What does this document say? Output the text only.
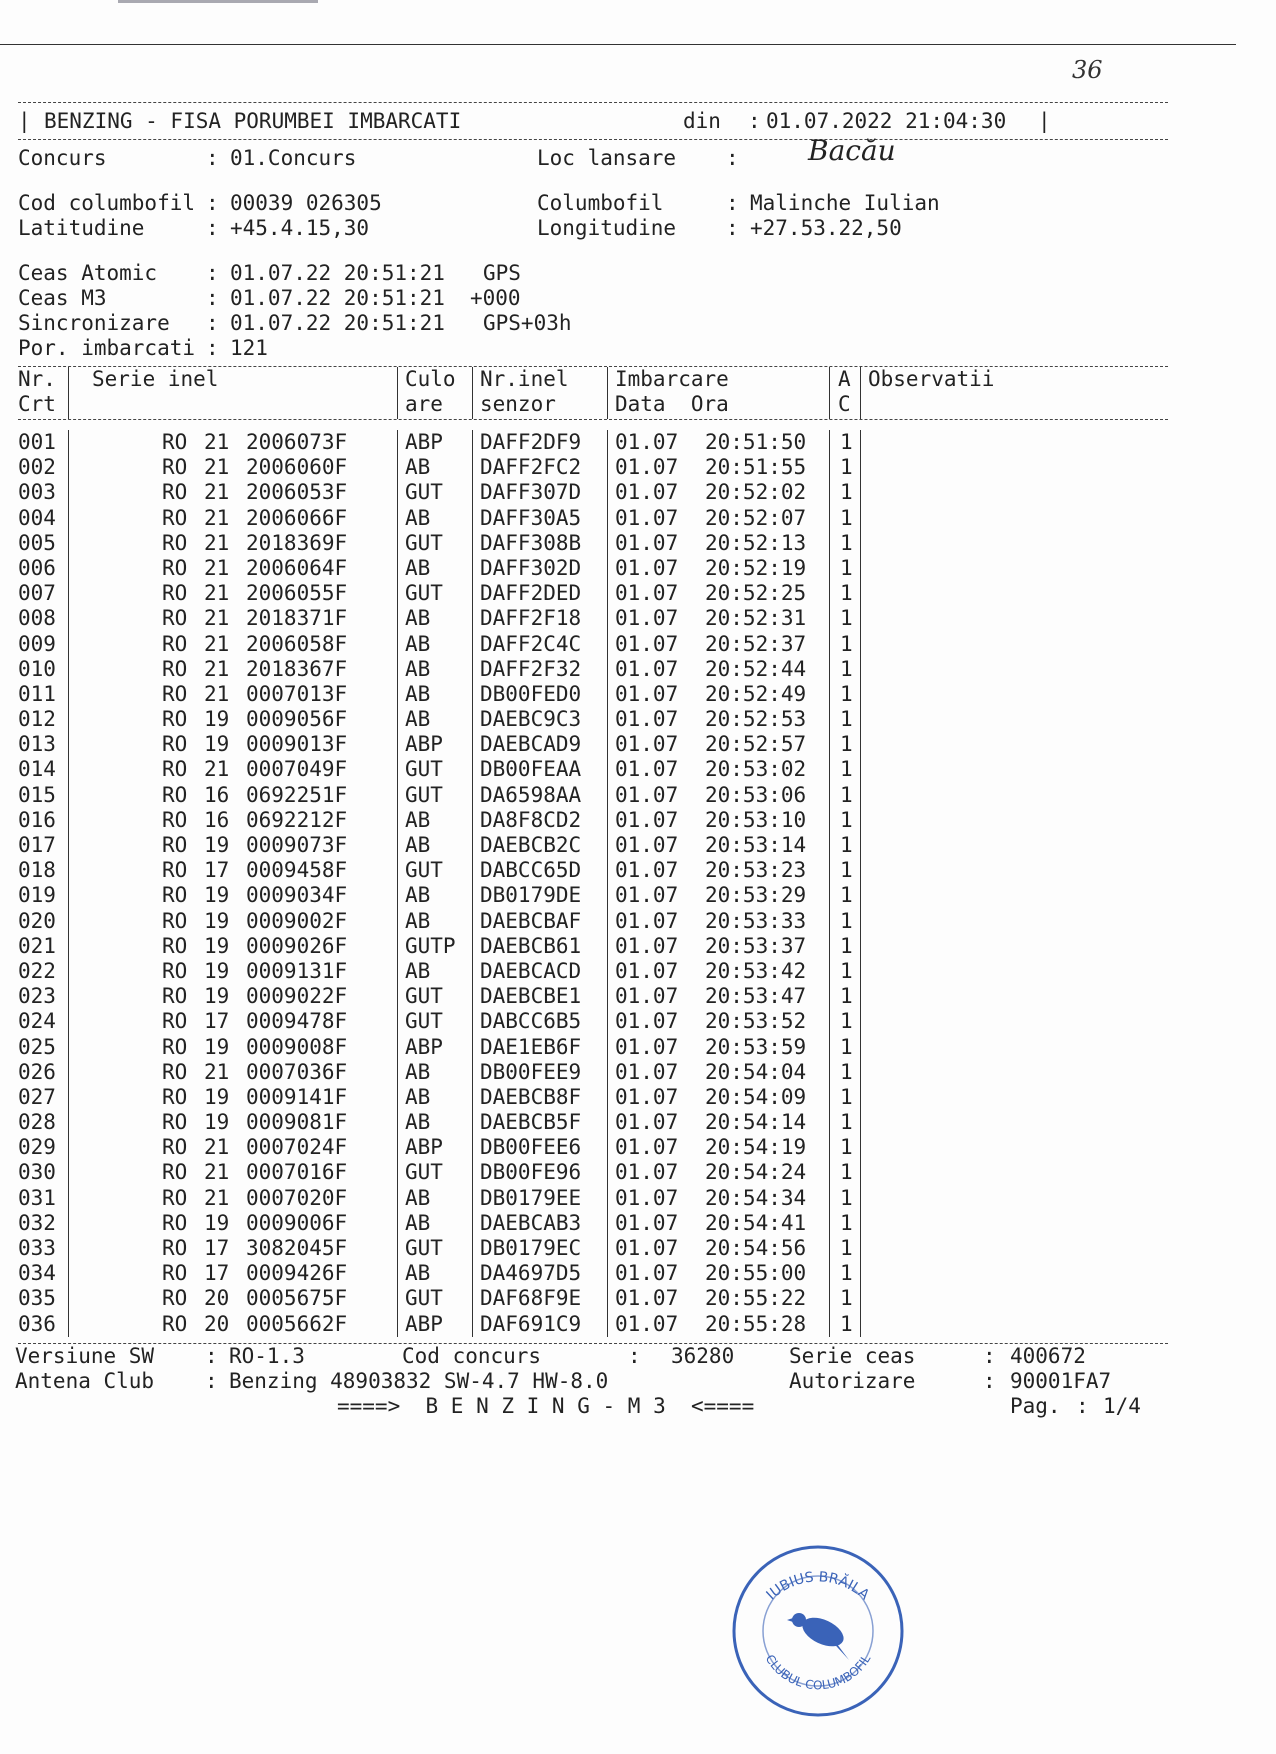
36
| BENZING - FISA PORUMBEI IMBARCATI	din : 01.07.2022 21:04:30 |

Concurs

	:

01.Concurs

	Loc lansare

:

Bacău

Cod columbofil

:

00039 026305

	Columbofil

	:

Malinche Iulian

Latitudine

	:

+45.4.15,30

	Longitudine

:

+27.53.22,50

Ceas Atomic

:

01.07.22 20:51:21

GPS

Ceas M3

	:

01.07.22 20:51:21

+000

Sincronizare

:

01.07.22 20:51:21

GPS+03h

Por. imbarcati

:

121

Nr.
Crt
Serie inel	Culo
are
Nr.inel
senzor
Imbarcare
Data  Ora
A
C
Observatii
001	RO 21 2006073F	ABP DAFF2DF9 01.07 20:51:50 1
002	RO 21 2006060F	AB DAFF2FC2 01.07 20:51:55 1
003	RO 21 2006053F	GUT DAFF307D 01.07 20:52:02 1
004	RO 21 2006066F	AB DAFF30A5 01.07 20:52:07 1
005	RO 21 2018369F	GUT DAFF308B 01.07 20:52:13 1
006	RO 21 2006064F	AB DAFF302D 01.07 20:52:19 1
007	RO 21 2006055F	GUT DAFF2DED 01.07 20:52:25 1
008	RO 21 2018371F	AB DAFF2F18 01.07 20:52:31 1
009	RO 21 2006058F	AB DAFF2C4C 01.07 20:52:37 1
010	RO 21 2018367F	AB DAFF2F32 01.07 20:52:44 1
011	RO 21 0007013F	AB DB00FED0 01.07 20:52:49 1
012	RO 19 0009056F	AB DAEBC9C3 01.07 20:52:53 1
013	RO 19 0009013F	ABP DAEBCAD9 01.07 20:52:57 1
014	RO 21 0007049F	GUT DB00FEAA 01.07 20:53:02 1
015	RO 16 0692251F	GUT DA6598AA 01.07 20:53:06 1
016	RO 16 0692212F	AB DA8F8CD2 01.07 20:53:10 1
017	RO 19 0009073F	AB DAEBCB2C 01.07 20:53:14 1
018	RO 17 0009458F	GUT DABCC65D 01.07 20:53:23 1
019	RO 19 0009034F	AB DB0179DE 01.07 20:53:29 1
020	RO 19 0009002F	AB DAEBCBAF 01.07 20:53:33 1
021	RO 19 0009026F	GUTP DAEBCB61 01.07 20:53:37 1
022	RO 19 0009131F	AB DAEBCACD 01.07 20:53:42 1
023	RO 19 0009022F	GUT DAEBCBE1 01.07 20:53:47 1
024	RO 17 0009478F	GUT DABCC6B5 01.07 20:53:52 1
025	RO 19 0009008F	ABP DAE1EB6F 01.07 20:53:59 1
026	RO 21 0007036F	AB DB00FEE9 01.07 20:54:04 1
027	RO 19 0009141F	AB DAEBCB8F 01.07 20:54:09 1
028	RO 19 0009081F	AB DAEBCB5F 01.07 20:54:14 1
029	RO 21 0007024F	ABP DB00FEE6 01.07 20:54:19 1
030	RO 21 0007016F	GUT DB00FE96 01.07 20:54:24 1
031	RO 21 0007020F	AB DB0179EE 01.07 20:54:34 1
032	RO 19 0009006F	AB DAEBCAB3 01.07 20:54:41 1
033	RO 17 3082045F	GUT DB0179EC 01.07 20:54:56 1
034	RO 17 0009426F	AB DA4697D5 01.07 20:55:00 1
035	RO 20 0005675F	GUT DAF68F9E 01.07 20:55:22 1
036	RO 20 0005662F	ABP DAF691C9 01.07 20:55:28 1

Versiune SW

:

RO-1.3

	Cod concurs

	:

36280

	Serie ceas

	:

400672

Antena Club

:

Benzing 48903832 SW-4.7 HW-8.0

	Autorizare

	:

90001FA7

====>  B E N Z I N G - M 3  <====

	Pag.

:

1/4

IUBIUS BRĂILA
CLUBUL COLUMBOFIL
